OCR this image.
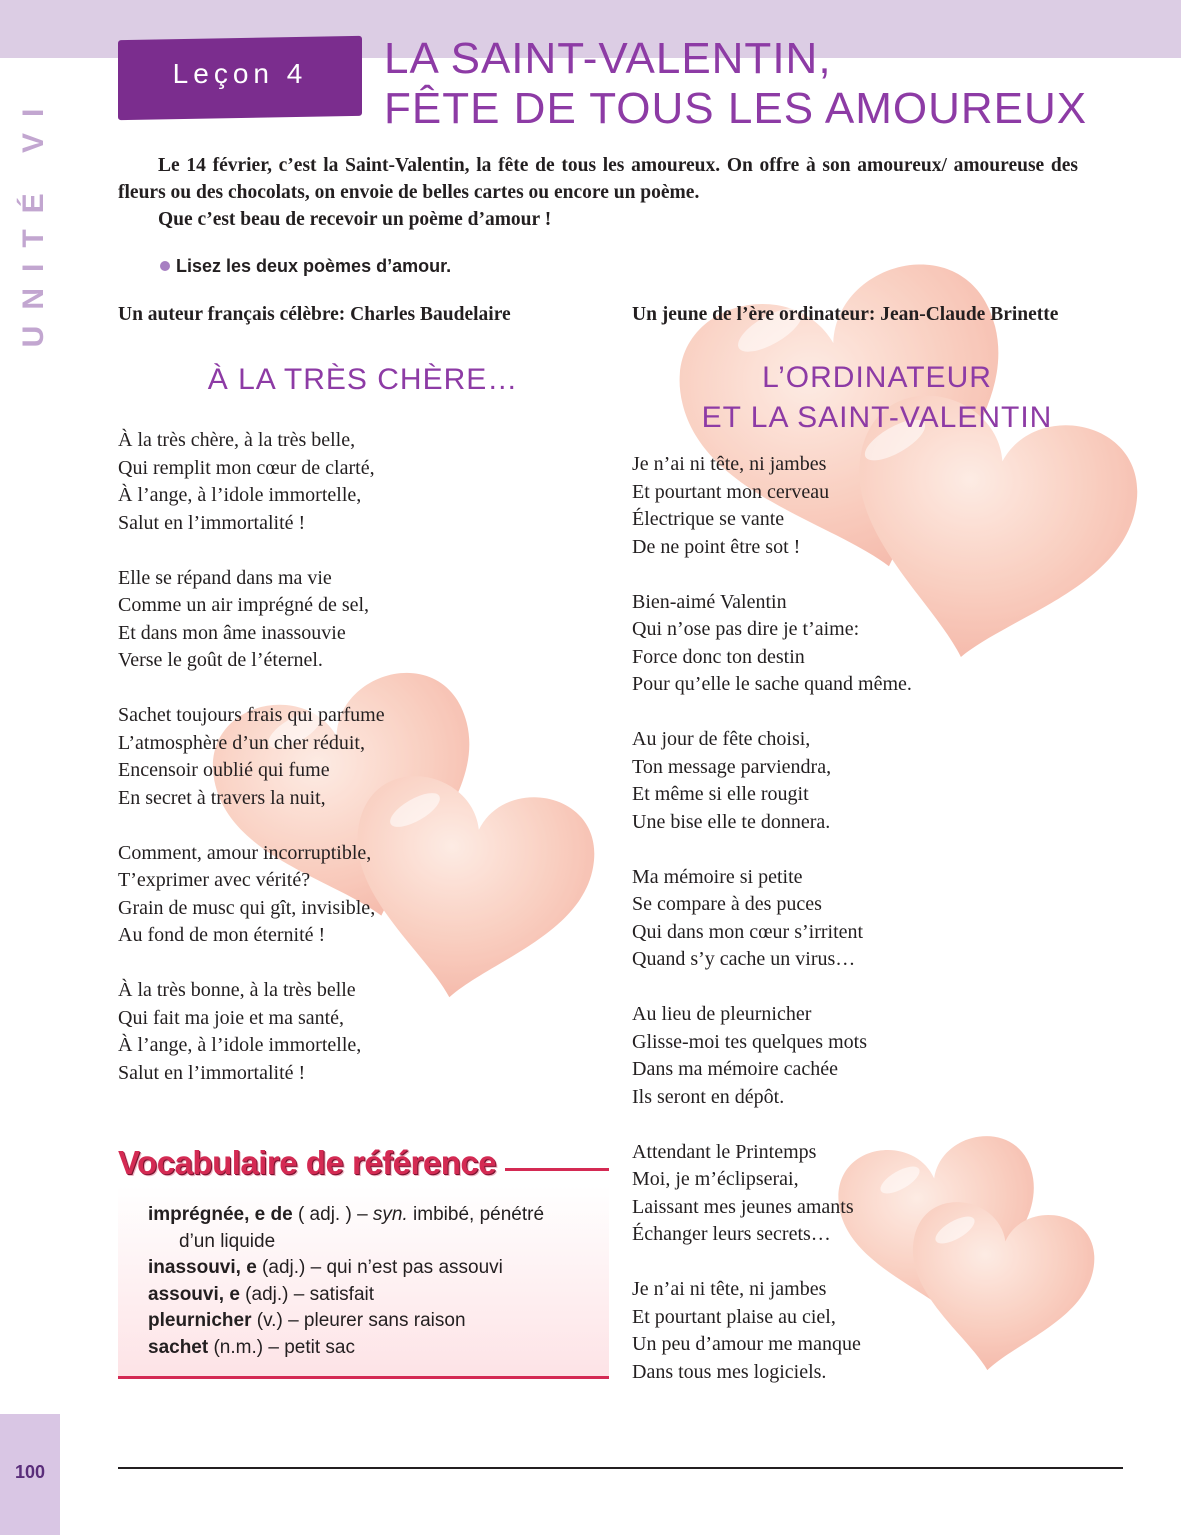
UNITÉ VI
100
Leçon 4	LA SAINT-VALENTIN,
FÊTE DE TOUS LES AMOUREUX

Le 14 février, c’est la Saint-Valentin, la fête de tous les amoureux. On offre à son amoureux/ amoureuse des fleurs ou des chocolats, on envoie de belles cartes ou encore un poème.

Que c’est beau de recevoir un poème d’amour !

Lisez les deux poèmes d’amour.
Un auteur français célèbre: Charles Baudelaire	Un jeune de l’ère ordinateur: Jean-Claude Brinette
À LA TRÈS CHÈRE…	L’ORDINATEUR
ET LA SAINT-VALENTIN
À la très chère, à la très belle,
Qui remplit mon cœur de clarté,
À l’ange, à l’idole immortelle,
Salut en l’immortalité !
Elle se répand dans ma vie
Comme un air imprégné de sel,
Et dans mon âme inassouvie
Verse le goût de l’éternel.
Sachet toujours frais qui parfume
L’atmosphère d’un cher réduit,
Encensoir oublié qui fume
En secret à travers la nuit,
Comment, amour incorruptible,
T’exprimer avec vérité?
Grain de musc qui gît, invisible,
Au fond de mon éternité !
À la très bonne, à la très belle
Qui fait ma joie et ma santé,
À l’ange, à l’idole immortelle,
Salut en l’immortalité !
Je n’ai ni tête, ni jambes
Et pourtant mon cerveau
Électrique se vante
De ne point être sot !
Bien-aimé Valentin
Qui n’ose pas dire je t’aime:
Force donc ton destin
Pour qu’elle le sache quand même.
Au jour de fête choisi,
Ton message parviendra,
Et même si elle rougit
Une bise elle te donnera.
Ma mémoire si petite
Se compare à des puces
Qui dans mon cœur s’irritent
Quand s’y cache un virus…
Au lieu de pleurnicher
Glisse-moi tes quelques mots
Dans ma mémoire cachée
Ils seront en dépôt.
Attendant le Printemps
Moi, je m’éclipserai,
Laissant mes jeunes amants
Échanger leurs secrets…
Je n’ai ni tête, ni jambes
Et pourtant plaise au ciel,
Un peu d’amour me manque
Dans tous mes logiciels.
Vocabulaire de référence
imprégnée, e de ( adj. ) – syn. imbibé, pénétré
d’un liquide
inassouvi, e (adj.) – qui n’est pas assouvi
assouvi, e (adj.) – satisfait
pleurnicher (v.) – pleurer sans raison
sachet (n.m.) – petit sac
